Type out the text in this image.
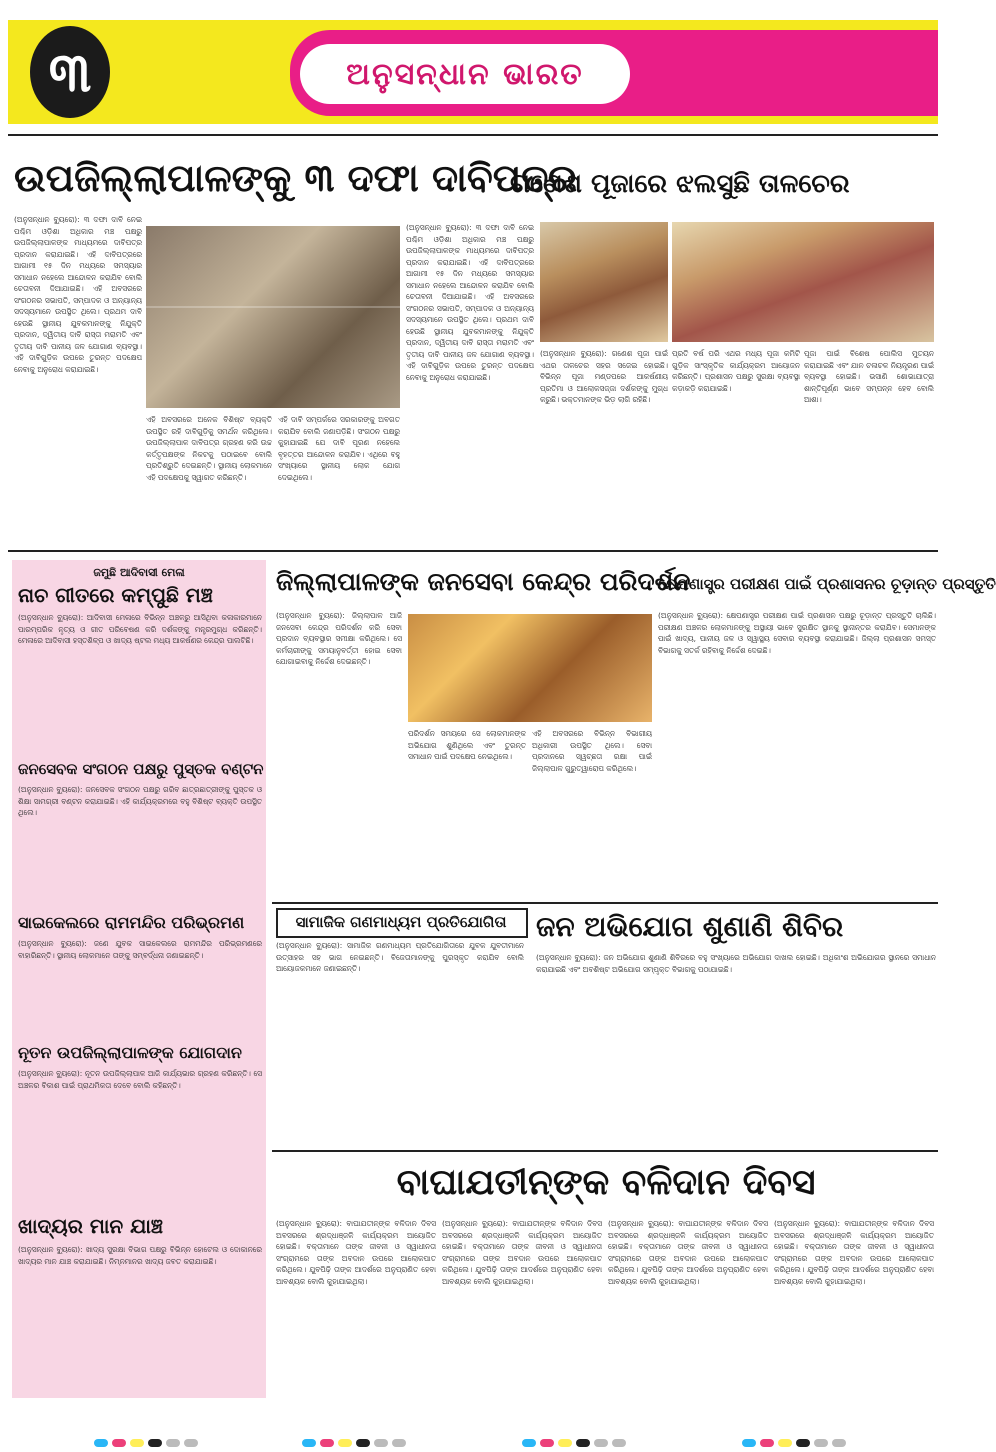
୩	ଅନୁସନ୍ଧାନ ଭାରତ
ଉପଜିଲ୍ଲାପାଳଙ୍କୁ ୩ ଦଫା ଦାବିପତ୍ର
ଗଣେଶ ପୂଜାରେ ଝଲସୁଛି ତାଳଚେର
(ଅନୁସନ୍ଧାନ ବ୍ୟୁରୋ): ୩ ଦଫା ଦାବି ନେଇ ପଶ୍ଚିମ ଓଡ଼ିଶା ଅଧିକାର ମଞ୍ଚ ପକ୍ଷରୁ ଉପଜିଲ୍ଲାପାଳଙ୍କ ମାଧ୍ୟମରେ ଦାବିପତ୍ର ପ୍ରଦାନ କରାଯାଇଛି। ଏହି ଦାବିପତ୍ରରେ ଆଗାମୀ ୧୫ ଦିନ ମଧ୍ୟରେ ସମସ୍ୟାର ସମାଧାନ ନହେଲେ ଆନ୍ଦୋଳନ କରାଯିବ ବୋଲି ଚେତାବନୀ ଦିଆଯାଇଛି। ଏହି ଅବସରରେ ସଂଗଠନର ସଭାପତି, ସମ୍ପାଦକ ଓ ଅନ୍ୟାନ୍ୟ ସଦସ୍ୟମାନେ ଉପସ୍ଥିତ ଥିଲେ। ପ୍ରଥମ ଦାବି ହେଉଛି ସ୍ଥାନୀୟ ଯୁବକମାନଙ୍କୁ ନିଯୁକ୍ତି ପ୍ରଦାନ, ଦ୍ୱିତୀୟ ଦାବି ରାସ୍ତା ମରାମତି ଏବଂ ତୃତୀୟ ଦାବି ପାନୀୟ ଜଳ ଯୋଗାଣ ବ୍ୟବସ୍ଥା। ଏହି ଦାବିଗୁଡ଼ିକ ଉପରେ ତୁରନ୍ତ ପଦକ୍ଷେପ ନେବାକୁ ଅନୁରୋଧ କରାଯାଇଛି।
ଏହି ଅବସରରେ ଅନେକ ବିଶିଷ୍ଟ ବ୍ୟକ୍ତି ଉପସ୍ଥିତ ରହି ଦାବିଗୁଡ଼ିକୁ ସମର୍ଥନ କରିଥିଲେ। ଉପଜିଲ୍ଲାପାଳ ଦାବିପତ୍ର ଗ୍ରହଣ କରି ଉଚ୍ଚ କର୍ତ୍ତୃପକ୍ଷଙ୍କ ନିକଟକୁ ପଠାଇବେ ବୋଲି ପ୍ରତିଶ୍ରୁତି ଦେଇଛନ୍ତି। ସ୍ଥାନୀୟ ଲୋକମାନେ ଏହି ପଦକ୍ଷେପକୁ ସ୍ୱାଗତ କରିଛନ୍ତି।
ଏହି ଦାବି ସମ୍ପର୍କରେ ସରକାରଙ୍କୁ ଅବଗତ କରାଯିବ ବୋଲି ଜଣାପଡ଼ିଛି। ସଂଗଠନ ପକ୍ଷରୁ କୁହାଯାଇଛି ଯେ ଦାବି ପୂରଣ ନହେଲେ ବୃହତ୍ତର ଆନ୍ଦୋଳନ କରାଯିବ। ଏଥିରେ ବହୁ ସଂଖ୍ୟାରେ ସ୍ଥାନୀୟ ଲୋକ ଯୋଗ ଦେଇଥିଲେ।
(ଅନୁସନ୍ଧାନ ବ୍ୟୁରୋ): ୩ ଦଫା ଦାବି ନେଇ ପଶ୍ଚିମ ଓଡ଼ିଶା ଅଧିକାର ମଞ୍ଚ ପକ୍ଷରୁ ଉପଜିଲ୍ଲାପାଳଙ୍କ ମାଧ୍ୟମରେ ଦାବିପତ୍ର ପ୍ରଦାନ କରାଯାଇଛି। ଏହି ଦାବିପତ୍ରରେ ଆଗାମୀ ୧୫ ଦିନ ମଧ୍ୟରେ ସମସ୍ୟାର ସମାଧାନ ନହେଲେ ଆନ୍ଦୋଳନ କରାଯିବ ବୋଲି ଚେତାବନୀ ଦିଆଯାଇଛି। ଏହି ଅବସରରେ ସଂଗଠନର ସଭାପତି, ସମ୍ପାଦକ ଓ ଅନ୍ୟାନ୍ୟ ସଦସ୍ୟମାନେ ଉପସ୍ଥିତ ଥିଲେ। ପ୍ରଥମ ଦାବି ହେଉଛି ସ୍ଥାନୀୟ ଯୁବକମାନଙ୍କୁ ନିଯୁକ୍ତି ପ୍ରଦାନ, ଦ୍ୱିତୀୟ ଦାବି ରାସ୍ତା ମରାମତି ଏବଂ ତୃତୀୟ ଦାବି ପାନୀୟ ଜଳ ଯୋଗାଣ ବ୍ୟବସ୍ଥା। ଏହି ଦାବିଗୁଡ଼ିକ ଉପରେ ତୁରନ୍ତ ପଦକ୍ଷେପ ନେବାକୁ ଅନୁରୋଧ କରାଯାଇଛି।
(ଅନୁସନ୍ଧାନ ବ୍ୟୁରୋ): ଗଣେଶ ପୂଜା ପାଇଁ ଏଥର ତାଳଚେର ସହର ସଜେଇ ହୋଇଛି। ବିଭିନ୍ନ ପୂଜା ମଣ୍ଡପରେ ଆକର୍ଷଣୀୟ ପ୍ରତିମା ଓ ଆଲୋକସଜ୍ଜା ଦର୍ଶକଙ୍କୁ ମୁଗ୍ଧ କରୁଛି। ଭକ୍ତମାନଙ୍କ ଭିଡ଼ ଲାଗି ରହିଛି।
ପ୍ରତି ବର୍ଷ ପରି ଏଥର ମଧ୍ୟ ପୂଜା କମିଟି ଗୁଡ଼ିକ ସାଂସ୍କୃତିକ କାର୍ଯ୍ୟକ୍ରମ ଆୟୋଜନ କରିଛନ୍ତି। ପ୍ରଶାସନ ପକ୍ଷରୁ ସୁରକ୍ଷା ବ୍ୟବସ୍ଥା କଡ଼ାକଡ଼ି କରାଯାଇଛି।
ପୂଜା ପାଇଁ ବିଶେଷ ପୋଲିସ ମୁତୟନ କରାଯାଇଛି ଏବଂ ଯାନ ଚଳାଚଳ ନିୟନ୍ତ୍ରଣ ପାଇଁ ବ୍ୟବସ୍ଥା ହୋଇଛି। ଭସାଣି ଶୋଭାଯାତ୍ରା ଶାନ୍ତିପୂର୍ଣ୍ଣ ଭାବେ ସମ୍ପନ୍ନ ହେବ ବୋଲି ଆଶା।
ଜମୁଛି ଆଦିବାସୀ ମେଳା
ନାଚ ଗୀତରେ କମ୍ପୁଛି ମଞ୍ଚ
(ଅନୁସନ୍ଧାନ ବ୍ୟୁରୋ): ଆଦିବାସୀ ମେଳାରେ ବିଭିନ୍ନ ଅଞ୍ଚଳରୁ ଆସିଥିବା କଳାକାରମାନେ ପାରମ୍ପରିକ ନୃତ୍ୟ ଓ ଗୀତ ପରିବେଷଣ କରି ଦର୍ଶକଙ୍କୁ ମନ୍ତ୍ରମୁଗ୍ଧ କରିଛନ୍ତି। ମେଳାରେ ଆଦିବାସୀ ହସ୍ତଶିଳ୍ପ ଓ ଖାଦ୍ୟ ଷ୍ଟଲ ମଧ୍ୟ ଆକର୍ଷଣର କେନ୍ଦ୍ର ପାଲଟିଛି।
ଜନସେବକ ସଂଗଠନ ପକ୍ଷରୁ ପୁସ୍ତକ ବଣ୍ଟନ
(ଅନୁସନ୍ଧାନ ବ୍ୟୁରୋ): ଜନସେବକ ସଂଗଠନ ପକ୍ଷରୁ ଗରିବ ଛାତ୍ରଛାତ୍ରୀଙ୍କୁ ପୁସ୍ତକ ଓ ଶିକ୍ଷା ସାମଗ୍ରୀ ବଣ୍ଟନ କରାଯାଇଛି। ଏହି କାର୍ଯ୍ୟକ୍ରମରେ ବହୁ ବିଶିଷ୍ଟ ବ୍ୟକ୍ତି ଉପସ୍ଥିତ ଥିଲେ।
ସାଇକେଲରେ ରାମମନ୍ଦିର ପରିଭ୍ରମଣ
(ଅନୁସନ୍ଧାନ ବ୍ୟୁରୋ): ଜଣେ ଯୁବକ ସାଇକେଲରେ ରାମମନ୍ଦିର ପରିଭ୍ରମଣରେ ବାହାରିଛନ୍ତି। ସ୍ଥାନୀୟ ଲୋକମାନେ ତାଙ୍କୁ ସମ୍ବର୍ଦ୍ଧନା ଜଣାଇଛନ୍ତି।
ନୂତନ ଉପଜିଲ୍ଲାପାଳଙ୍କ ଯୋଗଦାନ
(ଅନୁସନ୍ଧାନ ବ୍ୟୁରୋ): ନୂତନ ଉପଜିଲ୍ଲାପାଳ ଆଜି କାର୍ଯ୍ୟଭାର ଗ୍ରହଣ କରିଛନ୍ତି। ସେ ଅଞ୍ଚଳର ବିକାଶ ପାଇଁ ପ୍ରାଥମିକତା ଦେବେ ବୋଲି କହିଛନ୍ତି।
ଖାଦ୍ୟର ମାନ ଯାଞ୍ଚ
(ଅନୁସନ୍ଧାନ ବ୍ୟୁରୋ): ଖାଦ୍ୟ ସୁରକ୍ଷା ବିଭାଗ ପକ୍ଷରୁ ବିଭିନ୍ନ ହୋଟେଲ ଓ ଦୋକାନରେ ଖାଦ୍ୟର ମାନ ଯାଞ୍ଚ କରାଯାଇଛି। ନିମ୍ନମାନର ଖାଦ୍ୟ ଜବତ କରାଯାଇଛି।
ଜିଲ୍ଲାପାଳଙ୍କ ଜନସେବା କେନ୍ଦ୍ର ପରିଦର୍ଶନ
(ଅନୁସନ୍ଧାନ ବ୍ୟୁରୋ): ଜିଲ୍ଲାପାଳ ଆଜି ଜନସେବା କେନ୍ଦ୍ର ପରିଦର୍ଶନ କରି ସେବା ପ୍ରଦାନ ବ୍ୟବସ୍ଥାର ସମୀକ୍ଷା କରିଥିଲେ। ସେ କର୍ମଚାରୀଙ୍କୁ ସମୟାନୁବର୍ତ୍ତୀ ହୋଇ ସେବା ଯୋଗାଇବାକୁ ନିର୍ଦ୍ଦେଶ ଦେଇଛନ୍ତି।
ପରିଦର୍ଶନ ସମୟରେ ସେ ଲୋକମାନଙ୍କ ଅଭିଯୋଗ ଶୁଣିଥିଲେ ଏବଂ ତୁରନ୍ତ ସମାଧାନ ପାଇଁ ପଦକ୍ଷେପ ନେଇଥିଲେ।
ଏହି ଅବସରରେ ବିଭିନ୍ନ ବିଭାଗୀୟ ଅଧିକାରୀ ଉପସ୍ଥିତ ଥିଲେ। ସେବା ପ୍ରଦାନରେ ସ୍ୱଚ୍ଛତା ରକ୍ଷା ପାଇଁ ଜିଲ୍ଲାପାଳ ଗୁରୁତ୍ୱାରୋପ କରିଥିଲେ।
କ୍ଷେପଣାସ୍ତ୍ର ପରୀକ୍ଷଣ ପାଇଁ ପ୍ରଶାସନର ଚୂଡ଼ାନ୍ତ ପ୍ରସ୍ତୁତି
(ଅନୁସନ୍ଧାନ ବ୍ୟୁରୋ): କ୍ଷେପଣାସ୍ତ୍ର ପରୀକ୍ଷଣ ପାଇଁ ପ୍ରଶାସନ ପକ୍ଷରୁ ଚୂଡ଼ାନ୍ତ ପ୍ରସ୍ତୁତି ଚାଲିଛି। ପରୀକ୍ଷଣ ଅଞ୍ଚଳର ଲୋକମାନଙ୍କୁ ଅସ୍ଥାୟୀ ଭାବେ ସୁରକ୍ଷିତ ସ୍ଥାନକୁ ସ୍ଥାନାନ୍ତର କରାଯିବ। ସେମାନଙ୍କ ପାଇଁ ଖାଦ୍ୟ, ପାନୀୟ ଜଳ ଓ ସ୍ୱାସ୍ଥ୍ୟ ସେବାର ବ୍ୟବସ୍ଥା କରାଯାଇଛି। ଜିଲ୍ଲା ପ୍ରଶାସନ ସମସ୍ତ ବିଭାଗକୁ ସତର୍କ ରହିବାକୁ ନିର୍ଦ୍ଦେଶ ଦେଇଛି।
ସାମାଜିକ ଗଣମାଧ୍ୟମ ପ୍ରତିଯୋଗିତା
(ଅନୁସନ୍ଧାନ ବ୍ୟୁରୋ): ସାମାଜିକ ଗଣମାଧ୍ୟମ ପ୍ରତିଯୋଗିତାରେ ଯୁବକ ଯୁବତୀମାନେ ଉତ୍ସାହର ସହ ଭାଗ ନେଇଛନ୍ତି। ବିଜେତାମାନଙ୍କୁ ପୁରସ୍କୃତ କରାଯିବ ବୋଲି ଆୟୋଜକମାନେ ଜଣାଇଛନ୍ତି।
ଜନ ଅଭିଯୋଗ ଶୁଣାଣି ଶିବିର
(ଅନୁସନ୍ଧାନ ବ୍ୟୁରୋ): ଜନ ଅଭିଯୋଗ ଶୁଣାଣି ଶିବିରରେ ବହୁ ସଂଖ୍ୟାରେ ଅଭିଯୋଗ ଦାଖଲ ହୋଇଛି। ଅଧିକାଂଶ ଅଭିଯୋଗର ସ୍ଥାନରେ ସମାଧାନ କରାଯାଇଛି ଏବଂ ଅବଶିଷ୍ଟ ଅଭିଯୋଗ ସମ୍ପୃକ୍ତ ବିଭାଗକୁ ପଠାଯାଇଛି।
ବାଘାଯତୀନ୍‌ଙ୍କ ବଳିଦାନ ଦିବସ
(ଅନୁସନ୍ଧାନ ବ୍ୟୁରୋ): ବାଘାଯତୀନ୍‌ଙ୍କ ବଳିଦାନ ଦିବସ ଅବସରରେ ଶ୍ରଦ୍ଧାଞ୍ଜଳି କାର୍ଯ୍ୟକ୍ରମ ଆୟୋଜିତ ହୋଇଛି। ବକ୍ତାମାନେ ତାଙ୍କ ଜୀବନୀ ଓ ସ୍ୱାଧୀନତା ସଂଗ୍ରାମରେ ତାଙ୍କ ଅବଦାନ ଉପରେ ଆଲୋକପାତ କରିଥିଲେ। ଯୁବପିଢ଼ି ତାଙ୍କ ଆଦର୍ଶରେ ଅନୁପ୍ରାଣିତ ହେବା ଆବଶ୍ୟକ ବୋଲି କୁହାଯାଇଥିଲା।
(ଅନୁସନ୍ଧାନ ବ୍ୟୁରୋ): ବାଘାଯତୀନ୍‌ଙ୍କ ବଳିଦାନ ଦିବସ ଅବସରରେ ଶ୍ରଦ୍ଧାଞ୍ଜଳି କାର୍ଯ୍ୟକ୍ରମ ଆୟୋଜିତ ହୋଇଛି। ବକ୍ତାମାନେ ତାଙ୍କ ଜୀବନୀ ଓ ସ୍ୱାଧୀନତା ସଂଗ୍ରାମରେ ତାଙ୍କ ଅବଦାନ ଉପରେ ଆଲୋକପାତ କରିଥିଲେ। ଯୁବପିଢ଼ି ତାଙ୍କ ଆଦର୍ଶରେ ଅନୁପ୍ରାଣିତ ହେବା ଆବଶ୍ୟକ ବୋଲି କୁହାଯାଇଥିଲା।
(ଅନୁସନ୍ଧାନ ବ୍ୟୁରୋ): ବାଘାଯତୀନ୍‌ଙ୍କ ବଳିଦାନ ଦିବସ ଅବସରରେ ଶ୍ରଦ୍ଧାଞ୍ଜଳି କାର୍ଯ୍ୟକ୍ରମ ଆୟୋଜିତ ହୋଇଛି। ବକ୍ତାମାନେ ତାଙ୍କ ଜୀବନୀ ଓ ସ୍ୱାଧୀନତା ସଂଗ୍ରାମରେ ତାଙ୍କ ଅବଦାନ ଉପରେ ଆଲୋକପାତ କରିଥିଲେ। ଯୁବପିଢ଼ି ତାଙ୍କ ଆଦର୍ଶରେ ଅନୁପ୍ରାଣିତ ହେବା ଆବଶ୍ୟକ ବୋଲି କୁହାଯାଇଥିଲା।
(ଅନୁସନ୍ଧାନ ବ୍ୟୁରୋ): ବାଘାଯତୀନ୍‌ଙ୍କ ବଳିଦାନ ଦିବସ ଅବସରରେ ଶ୍ରଦ୍ଧାଞ୍ଜଳି କାର୍ଯ୍ୟକ୍ରମ ଆୟୋଜିତ ହୋଇଛି। ବକ୍ତାମାନେ ତାଙ୍କ ଜୀବନୀ ଓ ସ୍ୱାଧୀନତା ସଂଗ୍ରାମରେ ତାଙ୍କ ଅବଦାନ ଉପରେ ଆଲୋକପାତ କରିଥିଲେ। ଯୁବପିଢ଼ି ତାଙ୍କ ଆଦର୍ଶରେ ଅନୁପ୍ରାଣିତ ହେବା ଆବଶ୍ୟକ ବୋଲି କୁହାଯାଇଥିଲା।
